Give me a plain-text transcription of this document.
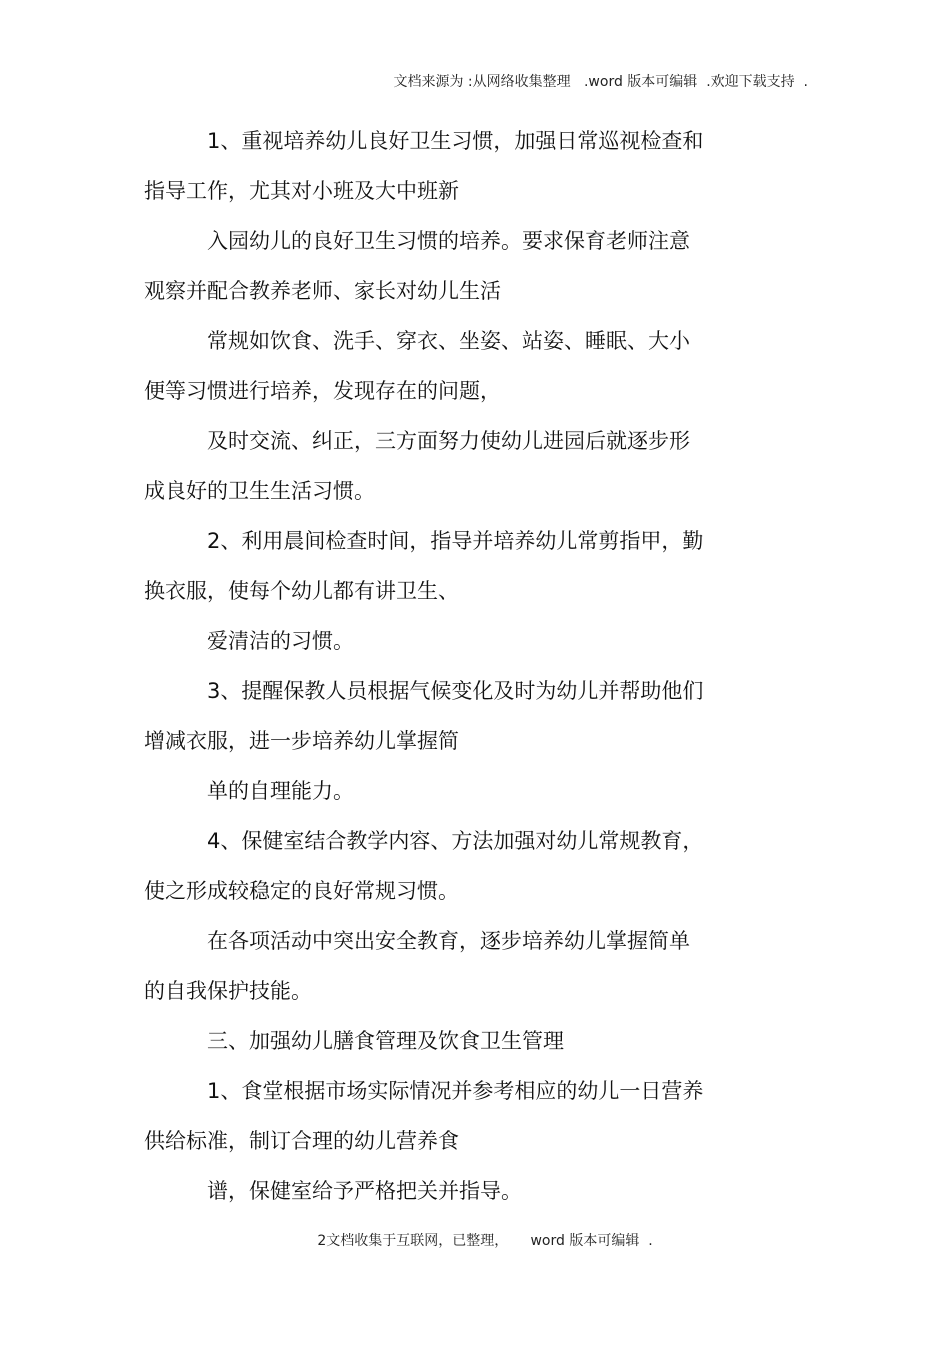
文档来源为 :从网络收集整理   .word 版本可编辑  .欢迎下载支持  .
1、重视培养幼儿良好卫生习惯，加强日常巡视检查和
指导工作，尤其对小班及大中班新
入园幼儿的良好卫生习惯的培养。要求保育老师注意
观察并配合教养老师、家长对幼儿生活
常规如饮食、洗手、穿衣、坐姿、站姿、睡眠、大小
便等习惯进行培养，发现存在的问题，
及时交流、纠正，三方面努力使幼儿进园后就逐步形
成良好的卫生生活习惯。
2、利用晨间检查时间，指导并培养幼儿常剪指甲，勤
换衣服，使每个幼儿都有讲卫生、
爱清洁的习惯。
3、提醒保教人员根据气候变化及时为幼儿并帮助他们
增减衣服，进一步培养幼儿掌握简
单的自理能力。
4、保健室结合教学内容、方法加强对幼儿常规教育，
使之形成较稳定的良好常规习惯。
在各项活动中突出安全教育，逐步培养幼儿掌握简单
的自我保护技能。
三、加强幼儿膳食管理及饮食卫生管理
1、食堂根据市场实际情况并参考相应的幼儿一日营养
供给标准，制订合理的幼儿营养食
谱，保健室给予严格把关并指导。
2文档收集于互联网，已整理，     word 版本可编辑  .
